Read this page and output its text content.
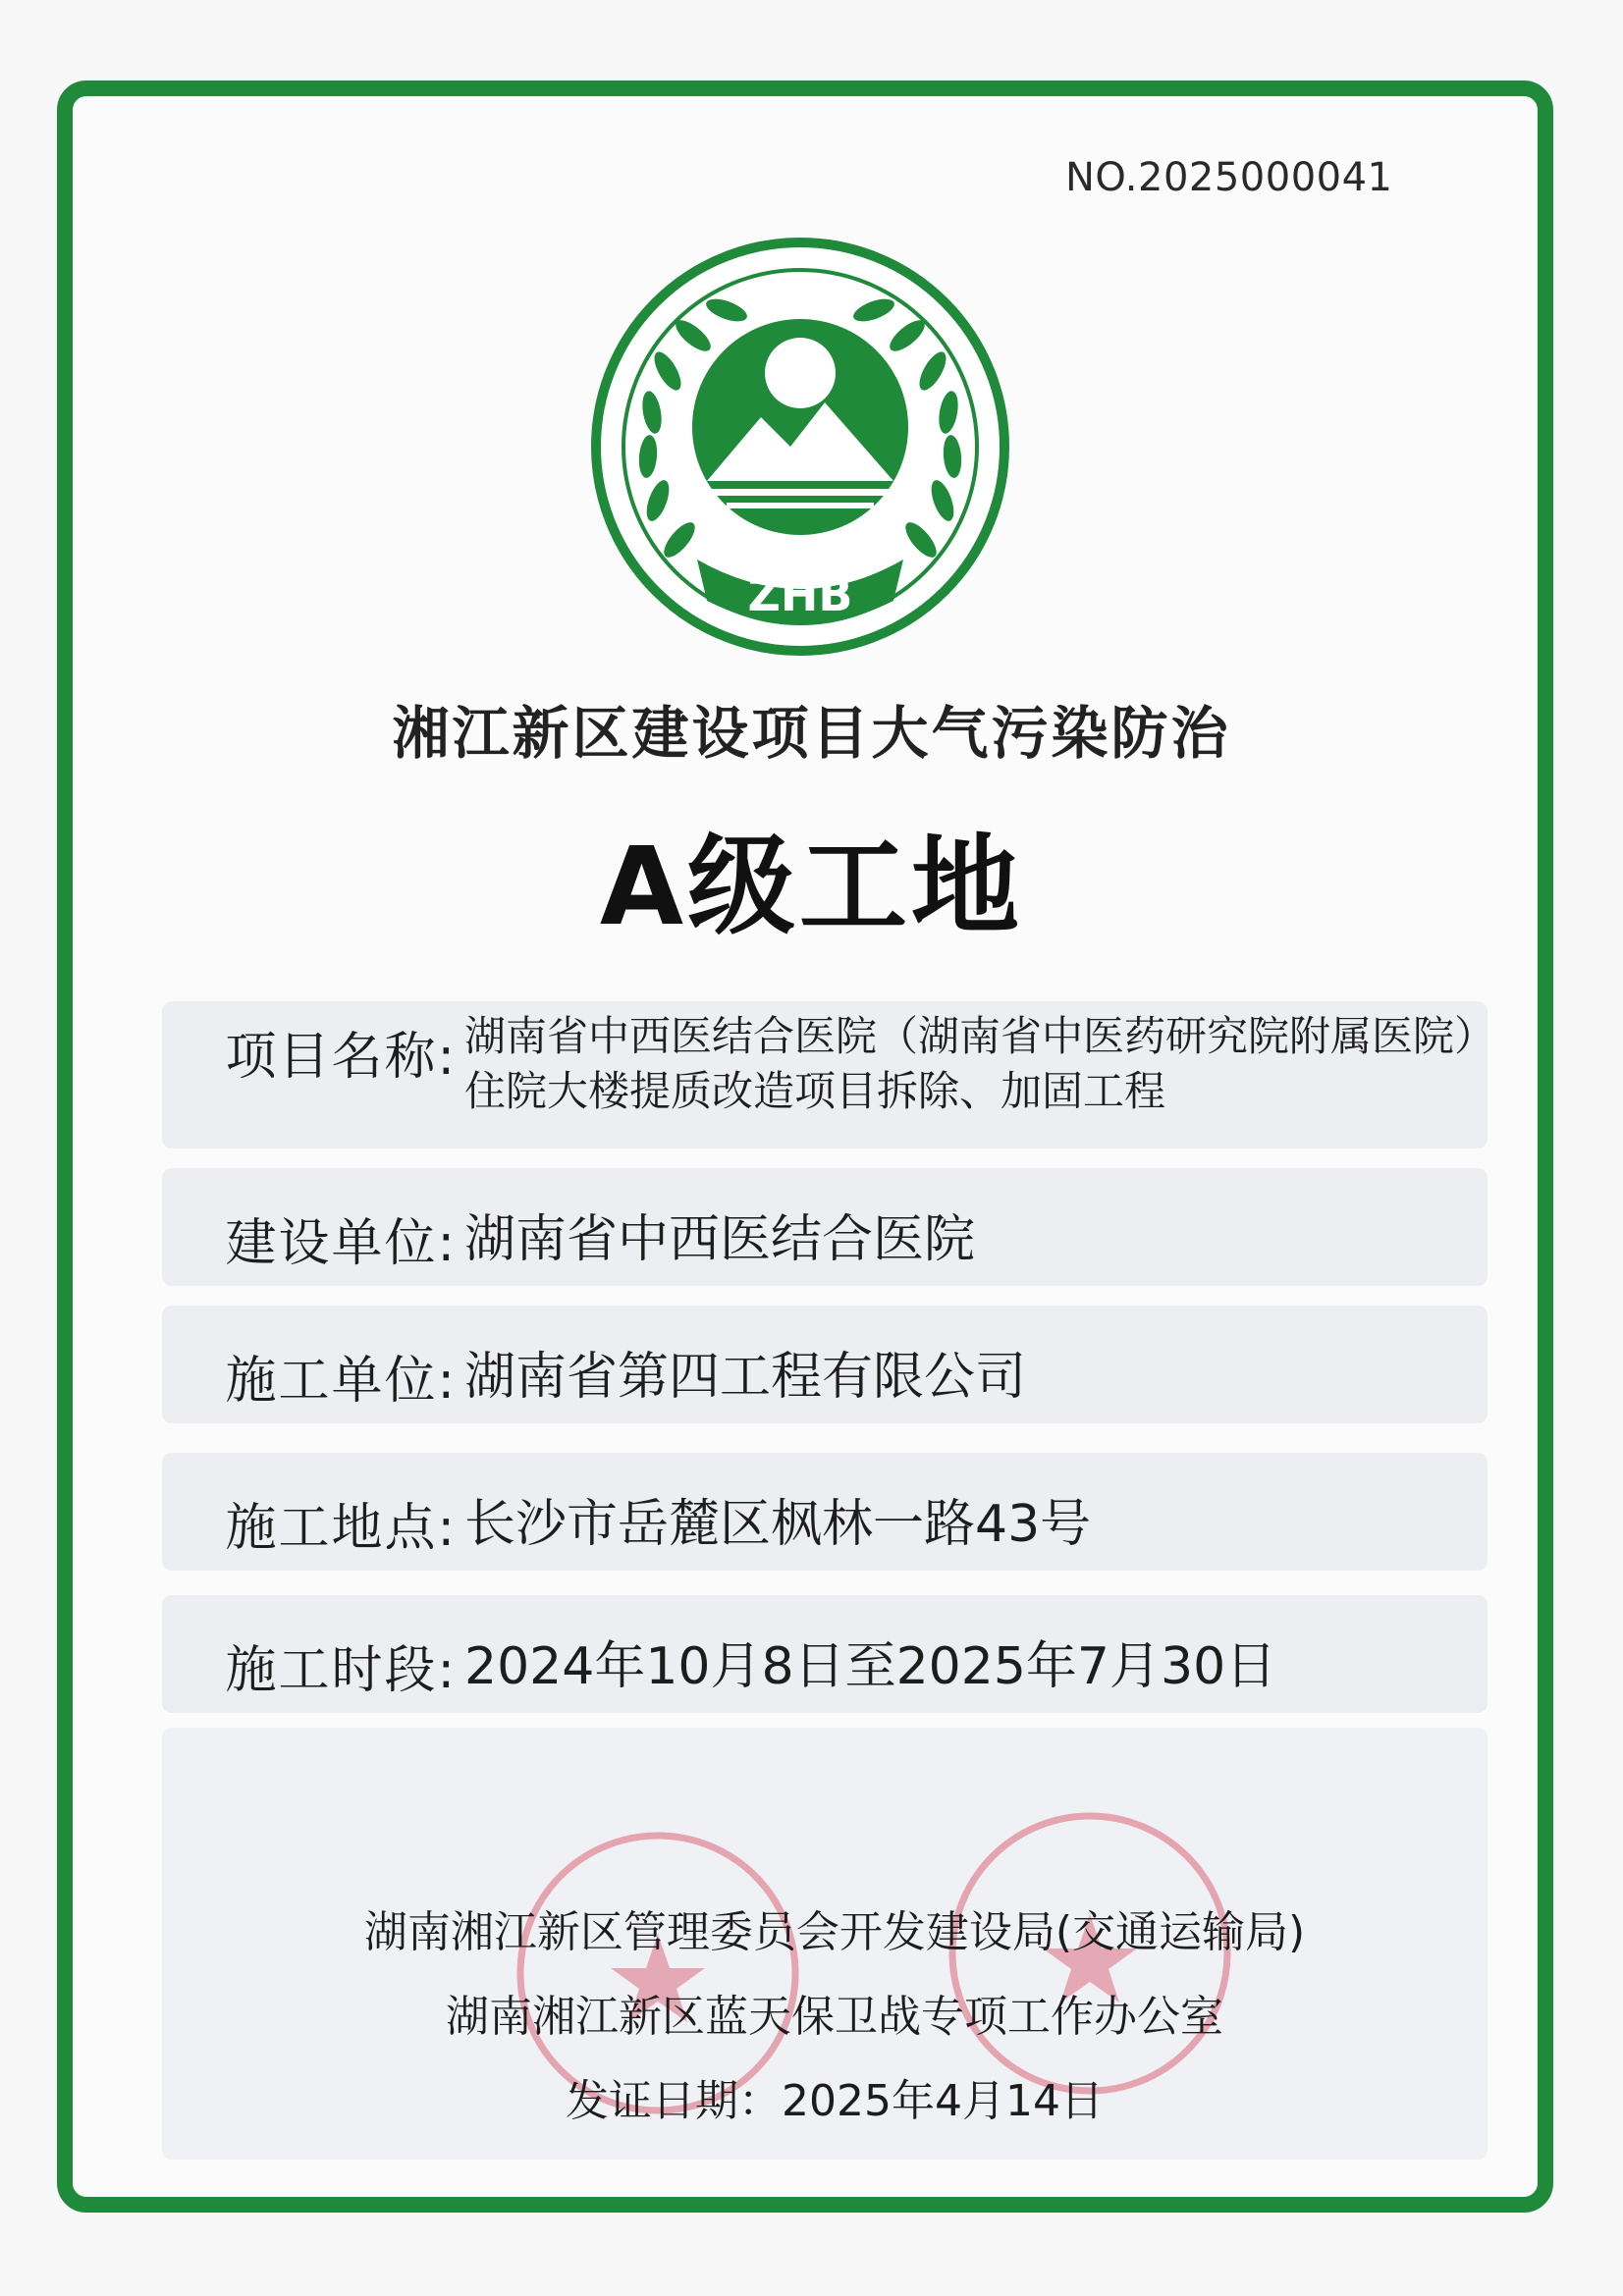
NO.2025000041
ZHB
湘江新区建设项目大气污染防治
A级工地
项目名称: 湖南省中西医结合医院（湖南省中医药研究院附属医院）住院大楼提质改造项目拆除、加固工程
建设单位: 湖南省中西医结合医院
施工单位: 湖南省第四工程有限公司
施工地点: 长沙市岳麓区枫林一路43号
施工时段: 2024年10月8日至2025年7月30日
湖南湘江新区管理委员会开发建设局(交通运输局)
湖南湘江新区蓝天保卫战专项工作办公室
发证日期：2025年4月14日
